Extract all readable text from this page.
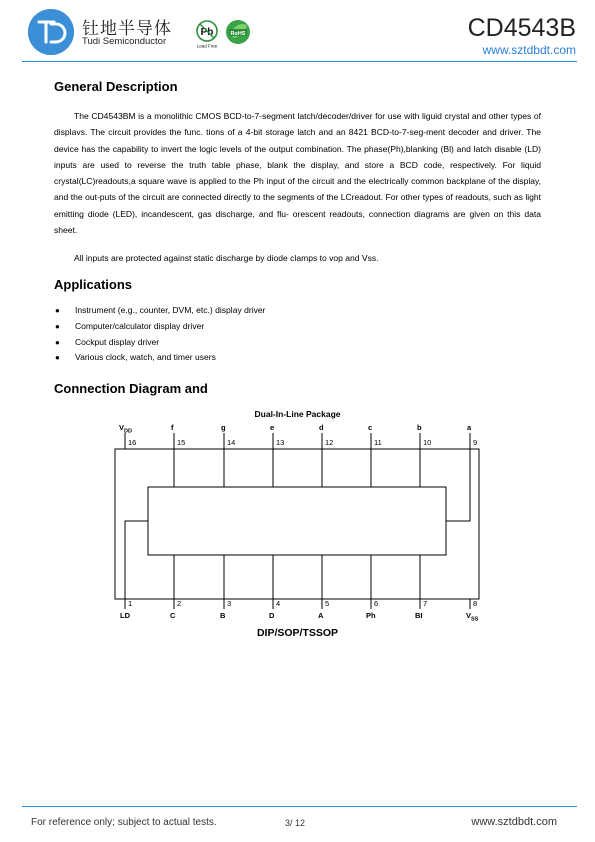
钍地半导体
Tudi Semiconductor
Pb
Lead Free
RoHS	CD4543B
www.sztdbdt.com
General Description

The CD4543BM is a monolithic CMOS BCD-to-7-segment latch/decoder/driver for use with liguid crystal and other types of displavs. The circuit provides the func. tions of a 4-bit storage latch and an 8421 BCD-to-7-seg-ment decoder and driver. The device has the capability to invert the logic levels of the output combination. The phase(Ph),blanking (Bl) and latch disable (LD) inputs are used to reverse the truth table phase, blank the display, and store a BCD code, respectively. For liquid crystal(LC)readouts,a square wave is applied to the Ph input of the circuit and the electrically common backplane of the display, and the out-puts of the circuit are connected directly to the segments of the LCreadout. For other types of readouts, such as light emitting diode (LED), incandescent, gas discharge, and flu- orescent readouts, connection diagrams are given on this data sheet.

All inputs are protected against static discharge by diode clamps to vop and Vss.

Applications
● Instrument (e.g., counter, DVM, etc.) display driver
● Computer/calculator display driver
● Cockput display driver
● Various clock, watch, and timer users
Connection Diagram and
Dual-In-Line Package
$V_{DD}$
16
f
15
g
14
e
13
d
12
c
11
b
10
a
9
1
LD
2
C
3
B
4
D
5
A
6
Ph
7
BI
8
$V_{SS}$
DIP/SOP/TSSOP
For reference only; subject to actual tests.	3/ 12	www.sztdbdt.com
